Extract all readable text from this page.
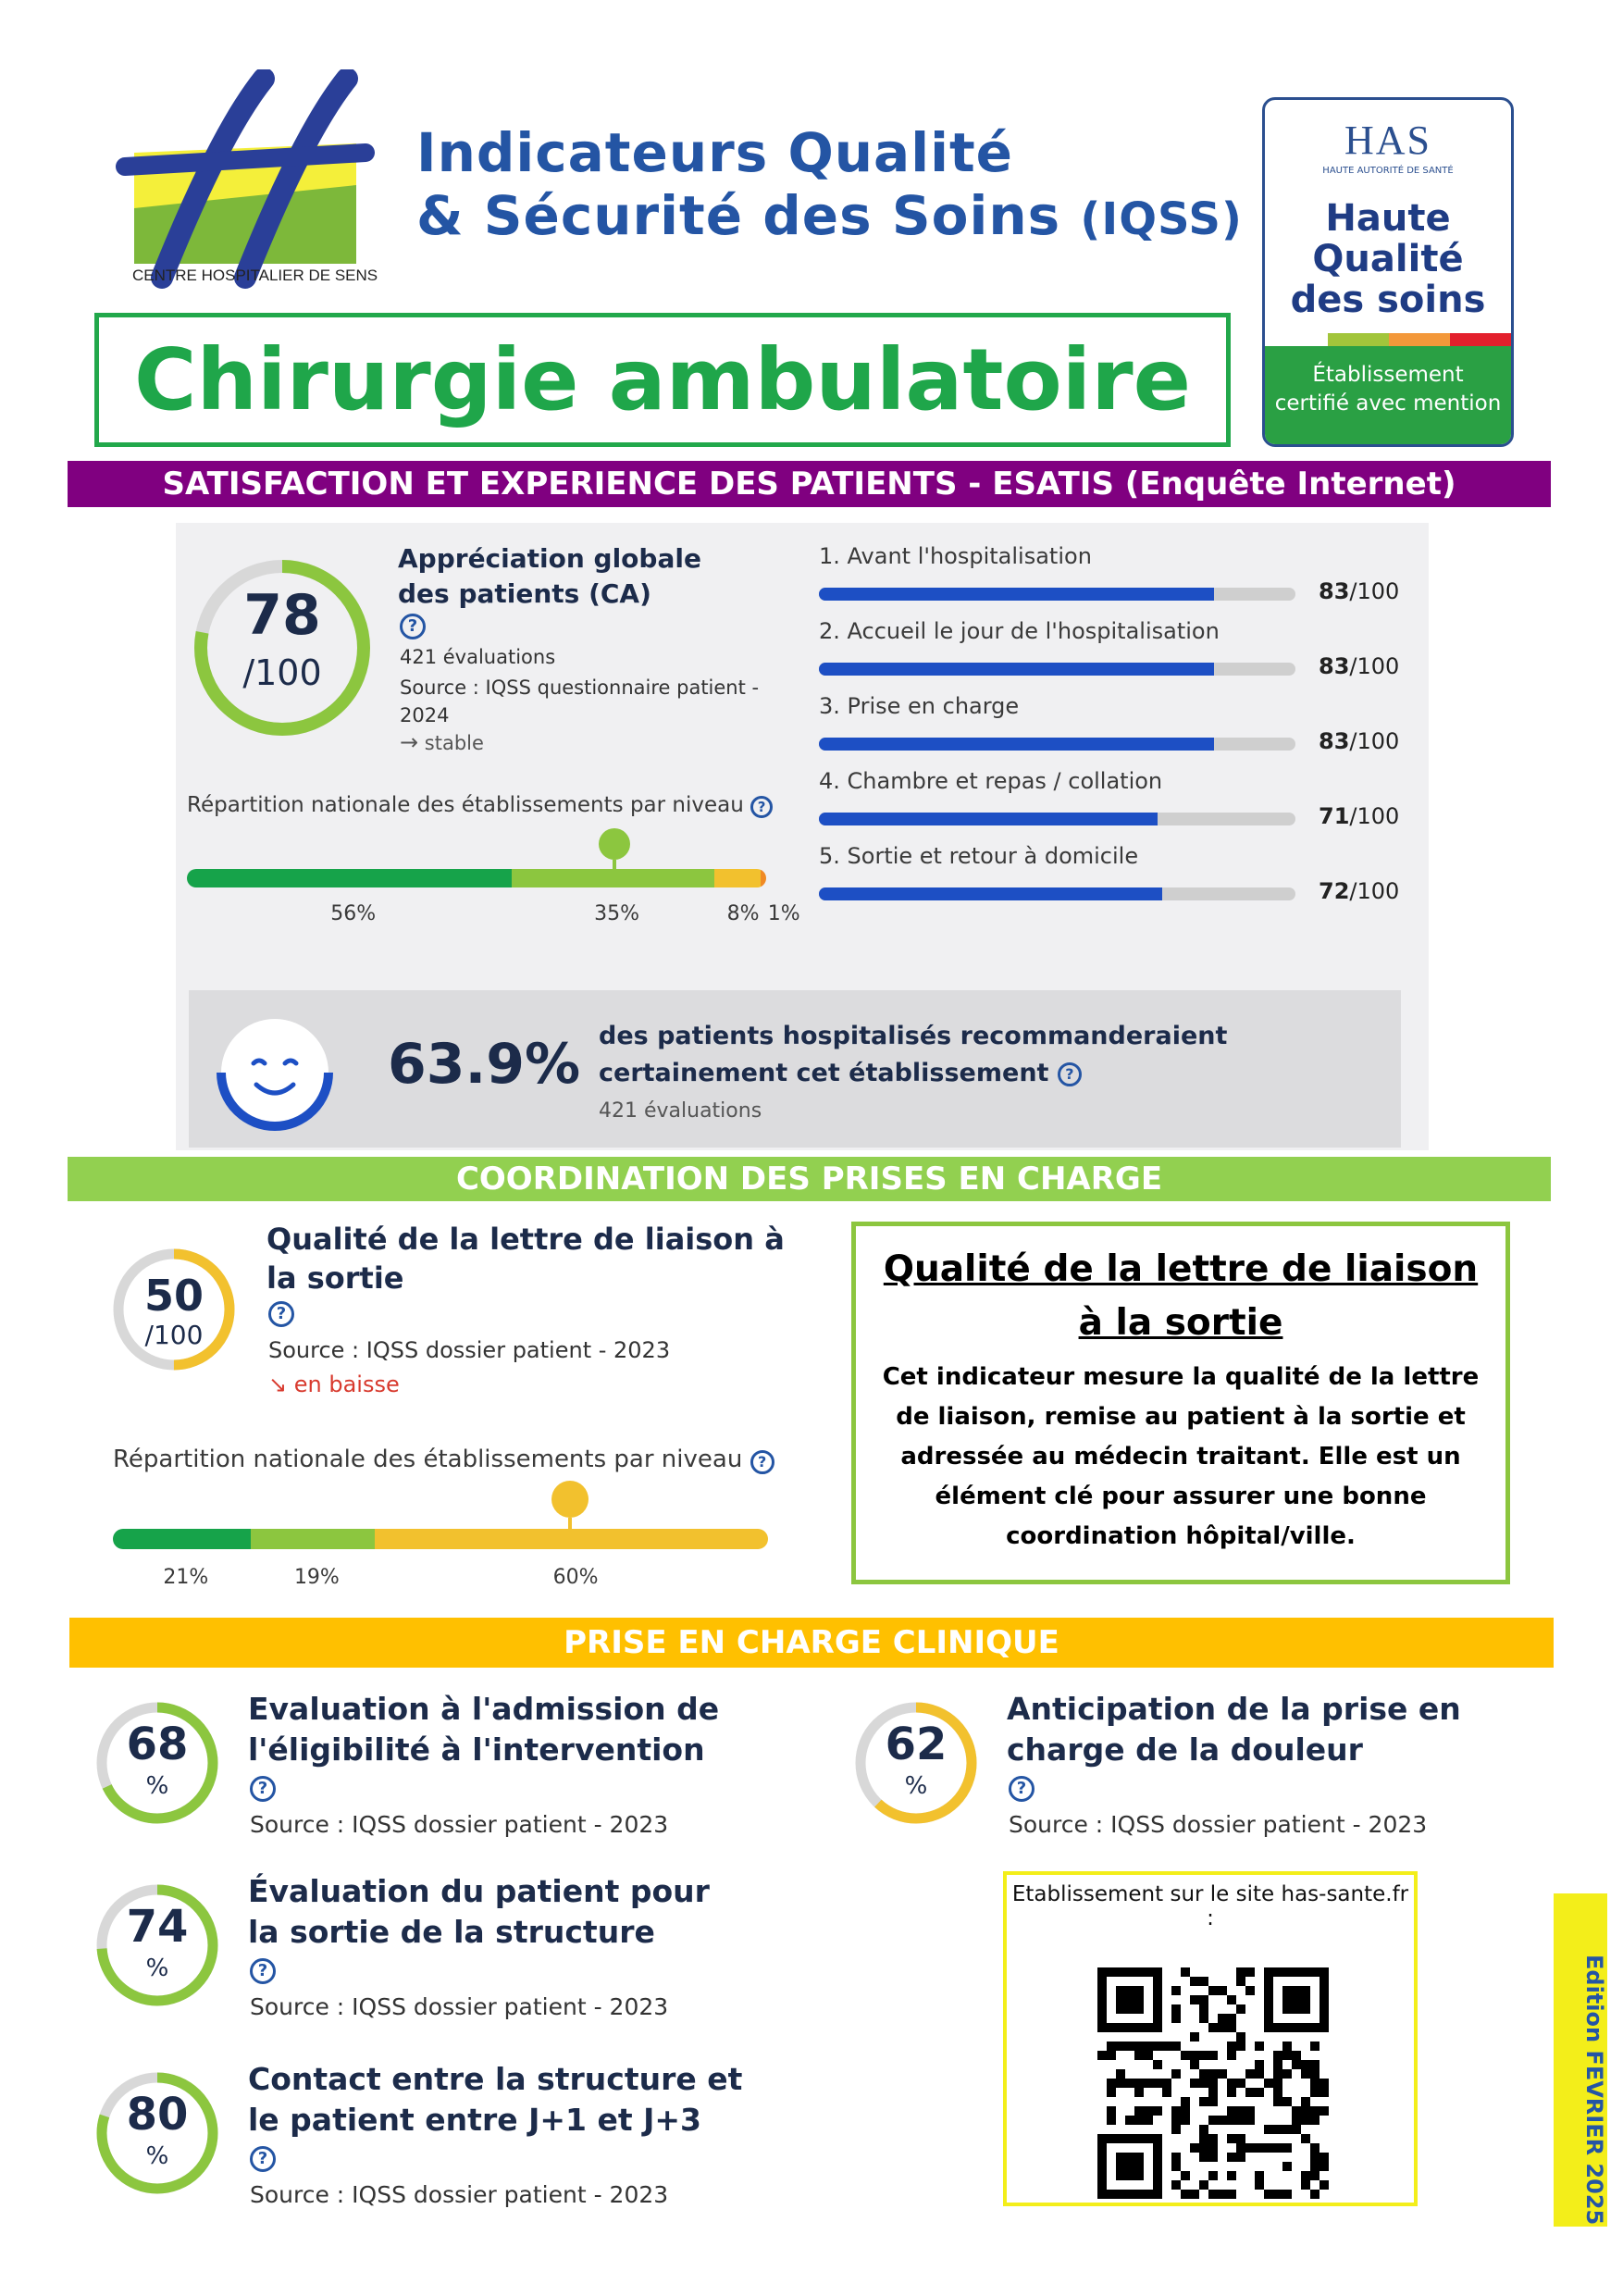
CENTRE HOSPITALIER DE SENS
Indicateurs Qualité
& Sécurité des Soins (IQSS)
Chirurgie ambulatoire
HAS
HAUTE AUTORITÉ DE SANTÉ
Haute
Qualité
des soins
Établissement
certifié avec mention
SATISFACTION ET EXPERIENCE DES PATIENTS - ESATIS (Enquête Internet)
78
/100
Appréciation globale des patients (CA)
?
421 évaluations
Source : IQSS questionnaire patient - 2024
→ stable
Répartition nationale des établissements par niveau ?
56%	35%	8% 1%
1. Avant l'hospitalisation
83/100
2. Accueil le jour de l'hospitalisation
83/100
3. Prise en charge
83/100
4. Chambre et repas / collation
71/100
5. Sortie et retour à domicile
72/100
63.9% des patients hospitalisés recommanderaient certainement cet établissement ?
421 évaluations
COORDINATION DES PRISES EN CHARGE
50
/100
Qualité de la lettre de liaison à la sortie
?
Source : IQSS dossier patient - 2023
↘ en baisse
Répartition nationale des établissements par niveau ?
21%	19%	60%
Qualité de la lettre de liaison
à la sortie
Cet indicateur mesure la qualité de la lettre de liaison, remise au patient à la sortie et adressée au médecin traitant. Elle est un élément clé pour assurer une bonne coordination hôpital/ville.
PRISE EN CHARGE CLINIQUE
68
%
Evaluation à l'admission de l'éligibilité à l'intervention
?
Source : IQSS dossier patient - 2023
62
%
Anticipation de la prise en charge de la douleur
?
Source : IQSS dossier patient - 2023
74
%
Évaluation du patient pour la sortie de la structure
?
Source : IQSS dossier patient - 2023
80
%
Contact entre la structure et le patient entre J+1 et J+3
?
Source : IQSS dossier patient - 2023
Etablissement sur le site has-sante.fr :
Edition FEVRIER 2025
